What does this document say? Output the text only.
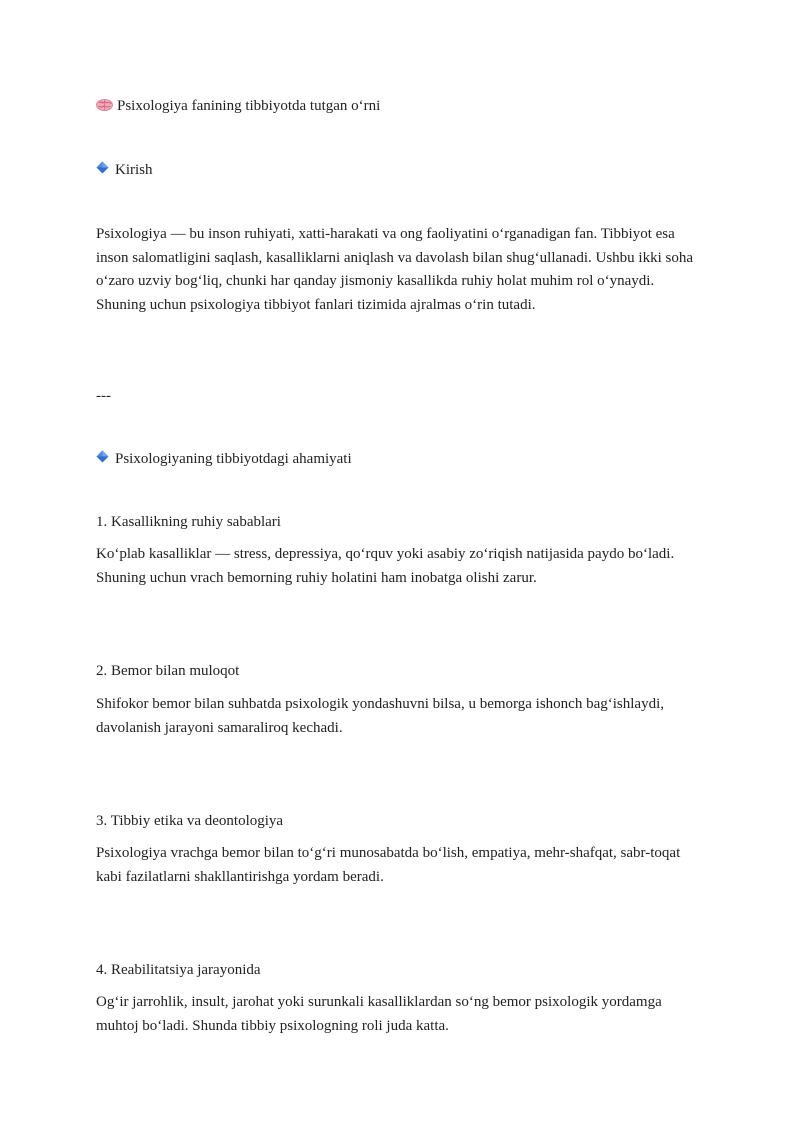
Psixologiya fanining tibbiyotda tutgan o‘rni
Kirish

Psixologiya — bu inson ruhiyati, xatti-harakati va ong faoliyatini o‘rganadigan fan. Tibbiyot esa inson salomatligini saqlash, kasalliklarni aniqlash va davolash bilan shug‘ullanadi. Ushbu ikki soha o‘zaro uzviy bog‘liq, chunki har qanday jismoniy kasallikda ruhiy holat muhim rol o‘ynaydi. Shuning uchun psixologiya tibbiyot fanlari tizimida ajralmas o‘rin tutadi.

---
Psixologiyaning tibbiyotdagi ahamiyati
1. Kasallikning ruhiy sabablari

Ko‘plab kasalliklar — stress, depressiya, qo‘rquv yoki asabiy zo‘riqish natijasida paydo bo‘ladi. Shuning uchun vrach bemorning ruhiy holatini ham inobatga olishi zarur.

2. Bemor bilan muloqot

Shifokor bemor bilan suhbatda psixologik yondashuvni bilsa, u bemorga ishonch bag‘ishlaydi, davolanish jarayoni samaraliroq kechadi.

3. Tibbiy etika va deontologiya

Psixologiya vrachga bemor bilan to‘g‘ri munosabatda bo‘lish, empatiya, mehr-shafqat, sabr-toqat kabi fazilatlarni shakllantirishga yordam beradi.

4. Reabilitatsiya jarayonida

Og‘ir jarrohlik, insult, jarohat yoki surunkali kasalliklardan so‘ng bemor psixologik yordamga muhtoj bo‘ladi. Shunda tibbiy psixologning roli juda katta.
